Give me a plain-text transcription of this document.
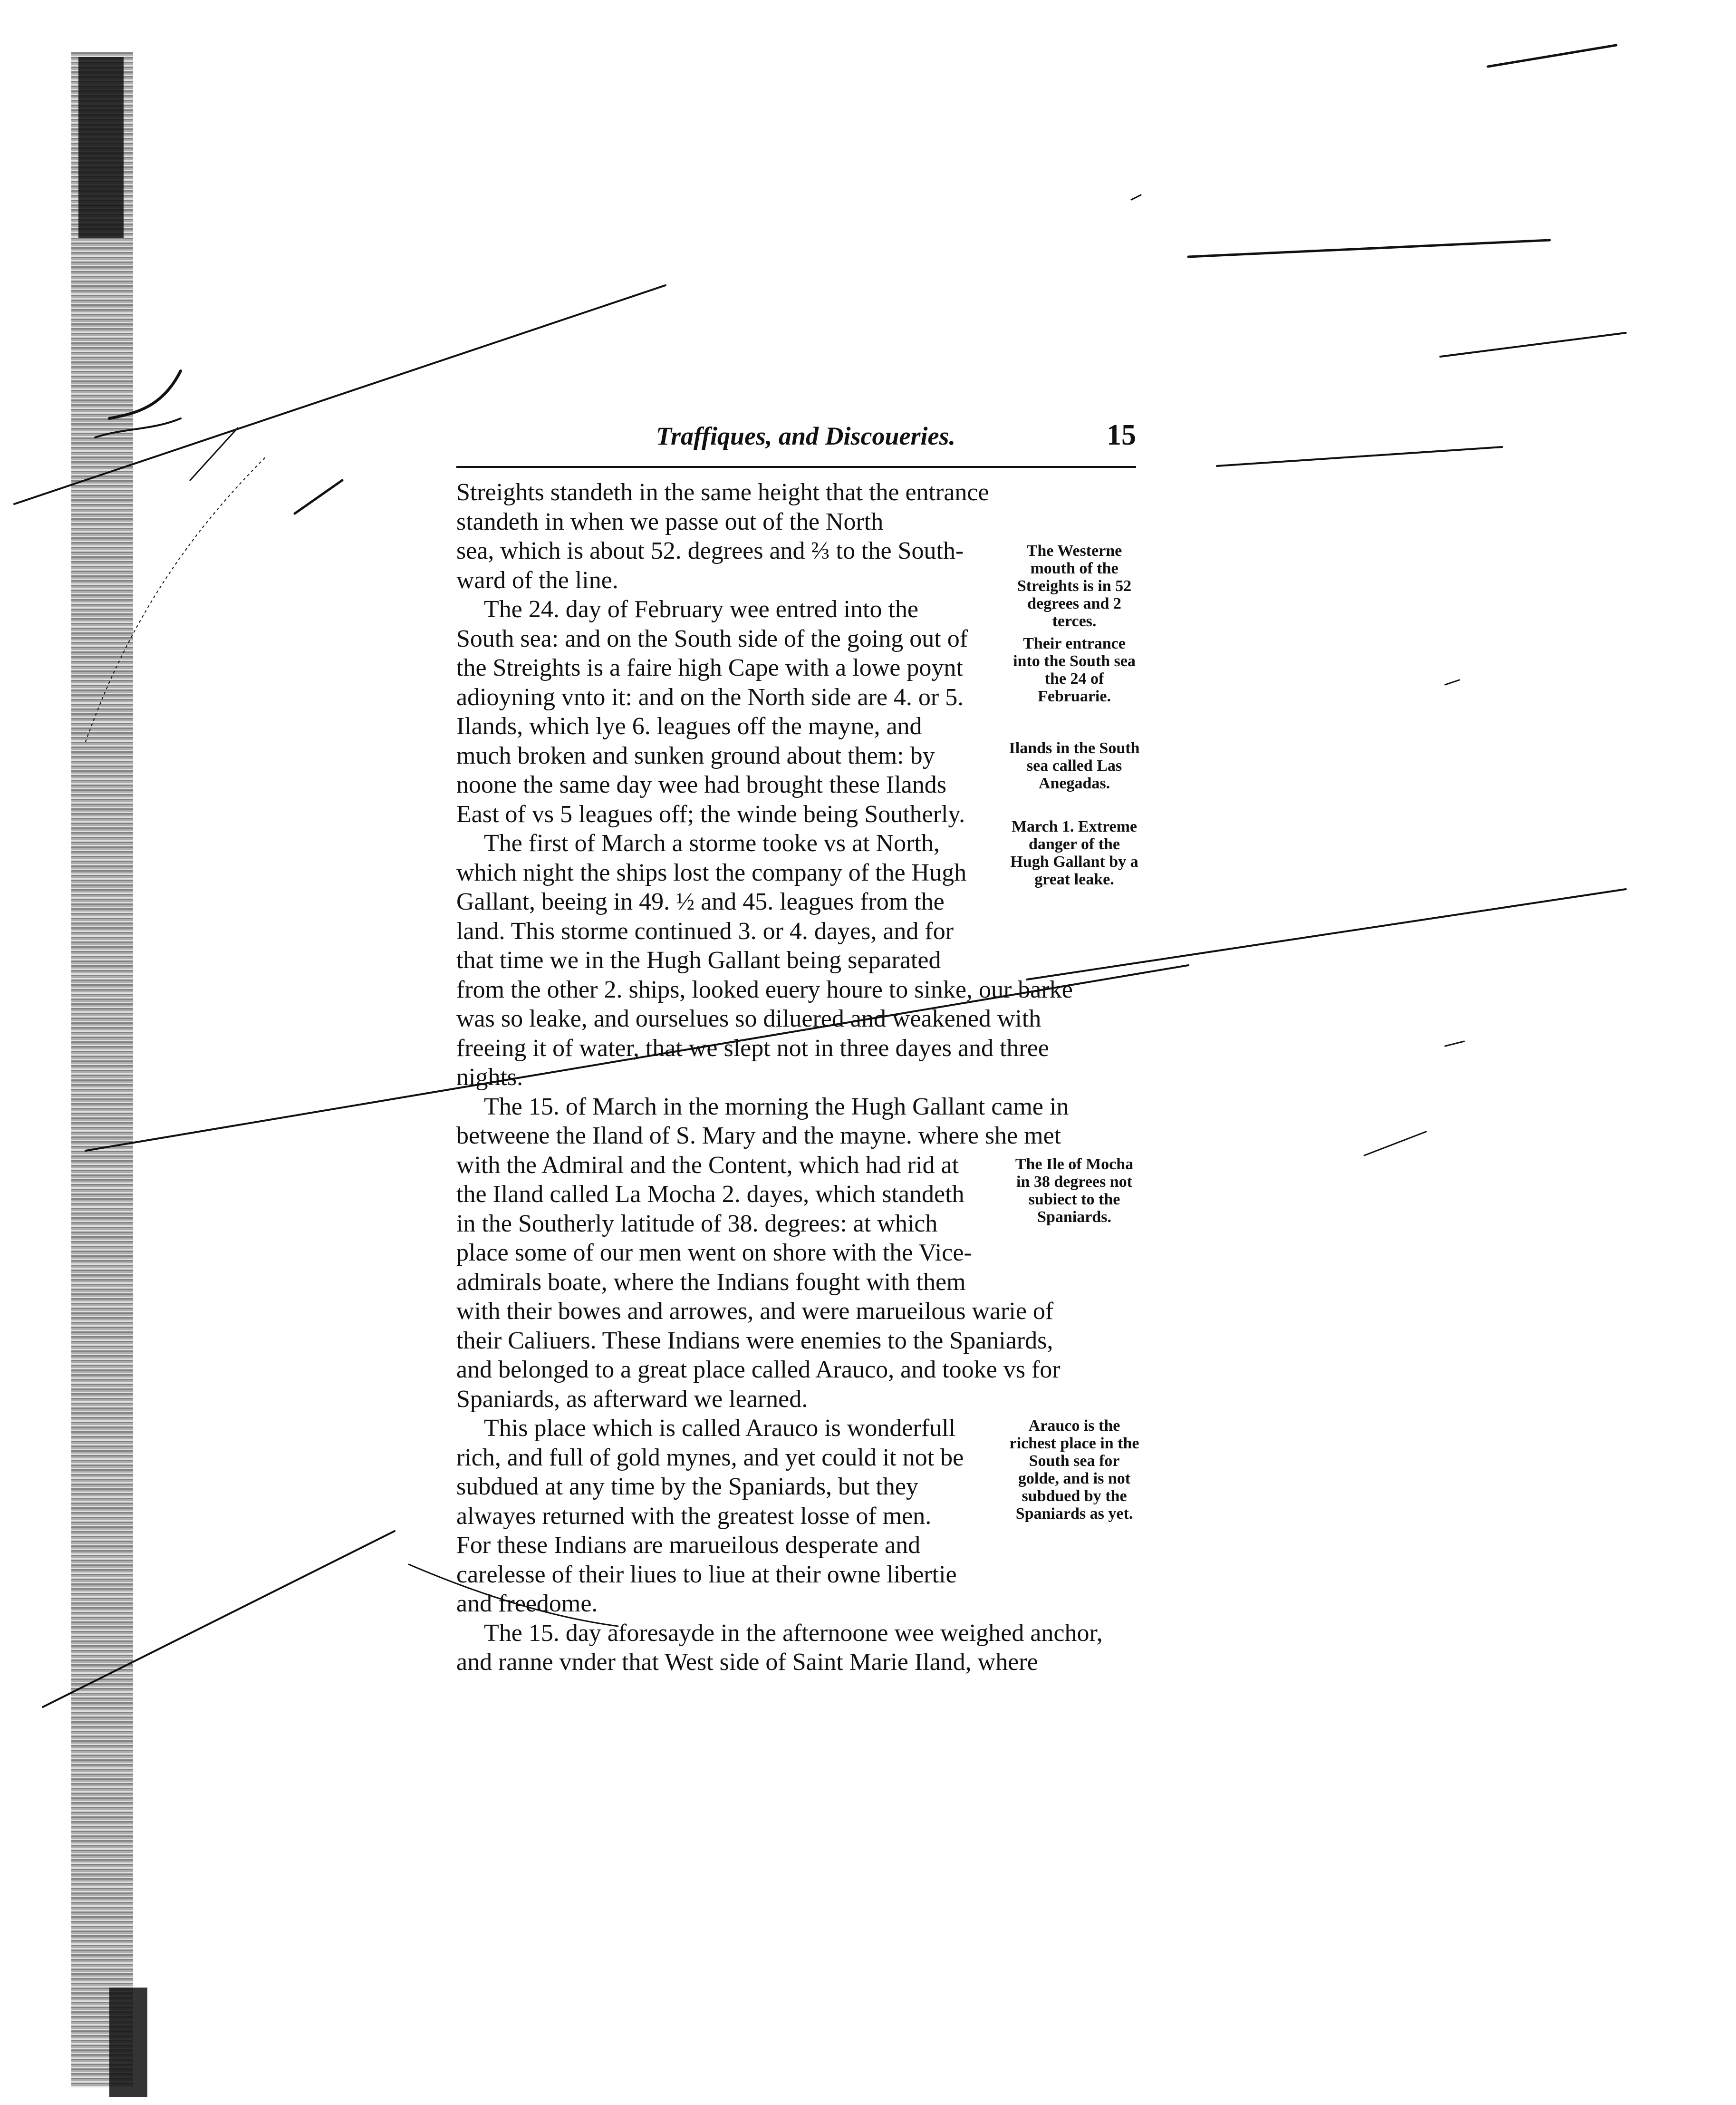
Traffiques, and Discoueries.	15

Streights standeth in the same height that the entrance
standeth in when we passe out of the North
sea, which is about 52. degrees and ⅔ to the South-
ward of the line.

The 24. day of February wee entred into the
South sea: and on the South side of the going out of
the Streights is a faire high Cape with a lowe poynt
adioyning vnto it: and on the North side are 4. or 5.
Ilands, which lye 6. leagues off the mayne, and
much broken and sunken ground about them: by
noone the same day wee had brought these Ilands
East of vs 5 leagues off; the winde being Southerly.

The first of March a storme tooke vs at North,
which night the ships lost the company of the Hugh
Gallant, beeing in 49. ½ and 45. leagues from the
land. This storme continued 3. or 4. dayes, and for
that time we in the Hugh Gallant being separated
from the other 2. ships, looked euery houre to sinke, our barke
was so leake, and ourselues so diluered and weakened with
freeing it of water, that we slept not in three dayes and three
nights.

The 15. of March in the morning the Hugh Gallant came in
betweene the Iland of S. Mary and the mayne. where she met
with the Admiral and the Content, which had rid at
the Iland called La Mocha 2. dayes, which standeth
in the Southerly latitude of 38. degrees: at which
place some of our men went on shore with the Vice-
admirals boate, where the Indians fought with them
with their bowes and arrowes, and were marueilous warie of
their Caliuers. These Indians were enemies to the Spaniards,
and belonged to a great place called Arauco, and tooke vs for
Spaniards, as afterward we learned.

This place which is called Arauco is wonderfull
rich, and full of gold mynes, and yet could it not be
subdued at any time by the Spaniards, but they
alwayes returned with the greatest losse of men.
For these Indians are marueilous desperate and
carelesse of their liues to liue at their owne libertie
and freedome.

The 15. day aforesayde in the afternoone wee weighed anchor,
and ranne vnder that West side of Saint Marie Iland, where

The Westerne mouth of the Streights is in 52 degrees and 2 terces.
Their entrance into the South sea the 24 of Februarie.
Ilands in the South sea called Las Anegadas.
March 1. Extreme danger of the Hugh Gallant by a great leake.
The Ile of Mocha in 38 degrees not subiect to the Spaniards.
Arauco is the richest place in the South sea for golde, and is not subdued by the Spaniards as yet.
